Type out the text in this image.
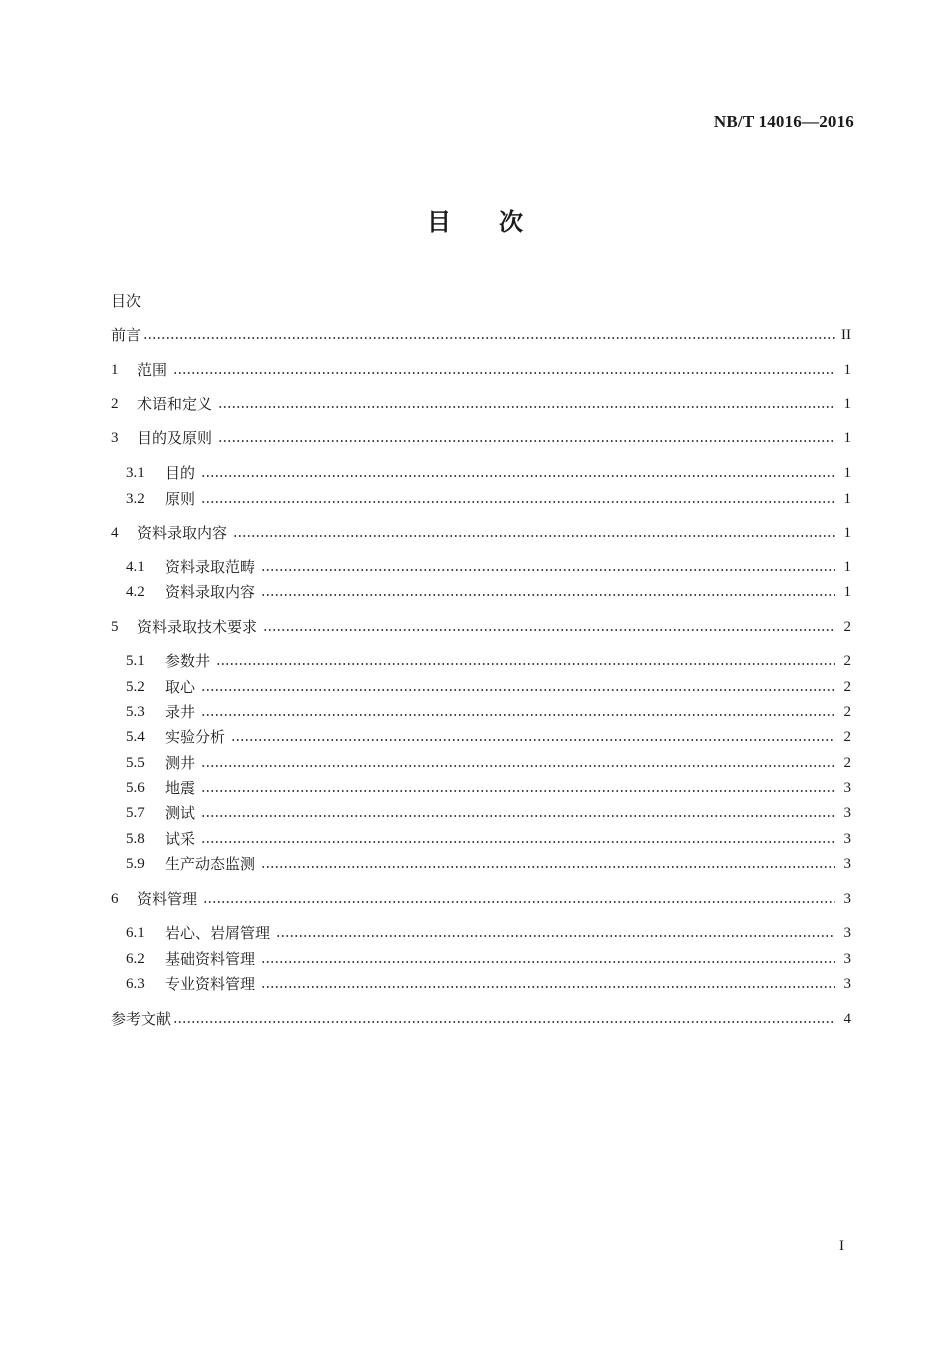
NB/T 14016—2016
目次
目次
前言	II
1	范围	1
2	术语和定义	1
3	目的及原则	1
3.1	目的	1
3.2	原则	1
4	资料录取内容	1
4.1	资料录取范畴	1
4.2	资料录取内容	1
5	资料录取技术要求	2
5.1	参数井	2
5.2	取心	2
5.3	录井	2
5.4	实验分析	2
5.5	测井	2
5.6	地震	3
5.7	测试	3
5.8	试采	3
5.9	生产动态监测	3
6	资料管理	3
6.1	岩心、岩屑管理	3
6.2	基础资料管理	3
6.3	专业资料管理	3
参考文献	4
I
